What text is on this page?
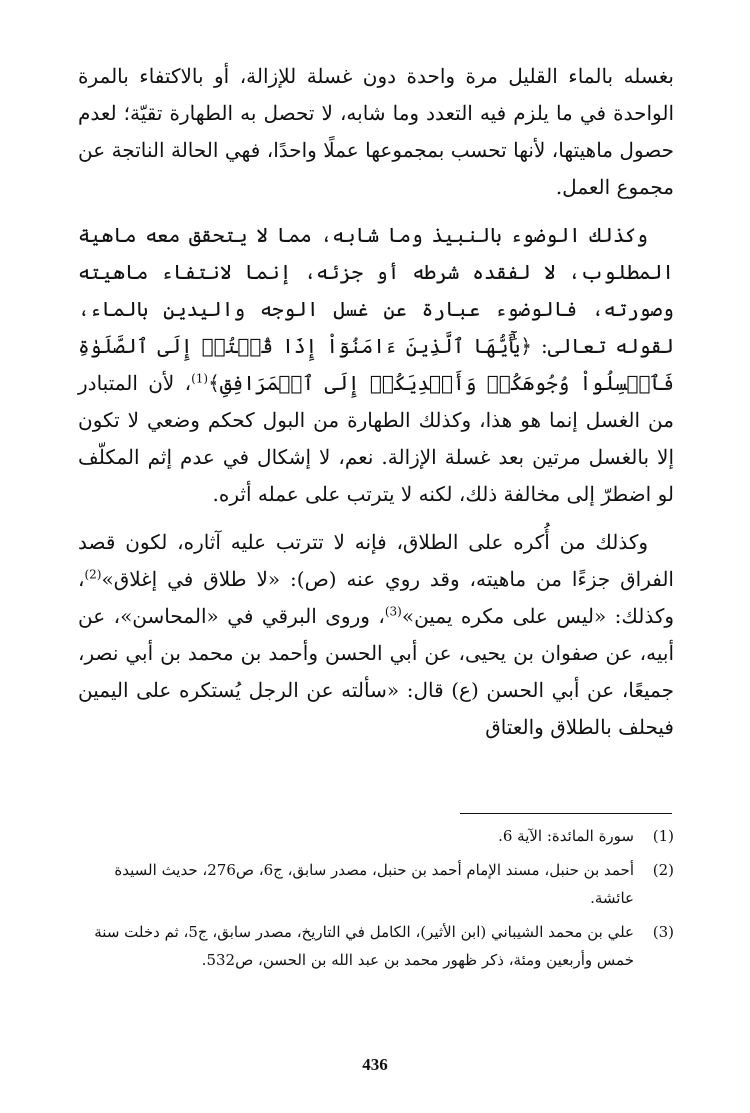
بغسله بالماء القليل مرة واحدة دون غسلة للإزالة، أو بالاكتفاء بالمرة الواحدة في ما يلزم فيه التعدد وما شابه، لا تحصل به الطهارة تقيّة؛ لعدم حصول ماهيتها، لأنها تحسب بمجموعها عملًا واحدًا، فهي الحالة الناتجة عن مجموع العمل.

وكذلك الوضوء بالنبيذ وما شابه، مما لا يتحقق معه ماهية المطلوب، لا لفقده شرطه أو جزئه، إنما لانتفاء ماهيته وصورته، فالوضوء عبارة عن غسل الوجه واليدين بالماء، لقوله تعالى: ﴿يَٰٓأَيُّهَا ٱلَّذِينَ ءَامَنُوٓاْ إِذَا قُمۡتُمۡ إِلَى ٱلصَّلَوٰةِ فَٱغۡسِلُواْ وُجُوهَكُمۡ وَأَيۡدِيَكُمۡ إِلَى ٱلۡمَرَافِقِ﴾$^{(1)}$، لأن المتبادر من الغسل إنما هو هذا، وكذلك الطهارة من البول كحكم وضعي لا تكون إلا بالغسل مرتين بعد غسلة الإزالة. نعم، لا إشكال في عدم إثم المكلّف لو اضطرّ إلى مخالفة ذلك، لكنه لا يترتب على عمله أثره.

وكذلك من أُكره على الطلاق، فإنه لا تترتب عليه آثاره، لكون قصد الفراق جزءًا من ماهيته، وقد روي عنه (ص): «لا طلاق في إغلاق»$^{(2)}$، وكذلك: «ليس على مكره يمين»$^{(3)}$، وروى البرقي في «المحاسن»، عن أبيه، عن صفوان بن يحيى، عن أبي الحسن وأحمد بن محمد بن أبي نصر، جميعًا، عن أبي الحسن (ع) قال: «سألته عن الرجل يُستكره على اليمين فيحلف بالطلاق والعتاق

(1)
سورة المائدة: الآية 6.
(2)
أحمد بن حنبل، مسند الإمام أحمد بن حنبل، مصدر سابق، ج6، ص276، حديث السيدة عائشة.
(3)
علي بن محمد الشيباني (ابن الأثير)، الكامل في التاريخ، مصدر سابق، ج5، ثم دخلت سنة خمس وأربعين ومئة، ذكر ظهور محمد بن عبد الله بن الحسن، ص532.
436
